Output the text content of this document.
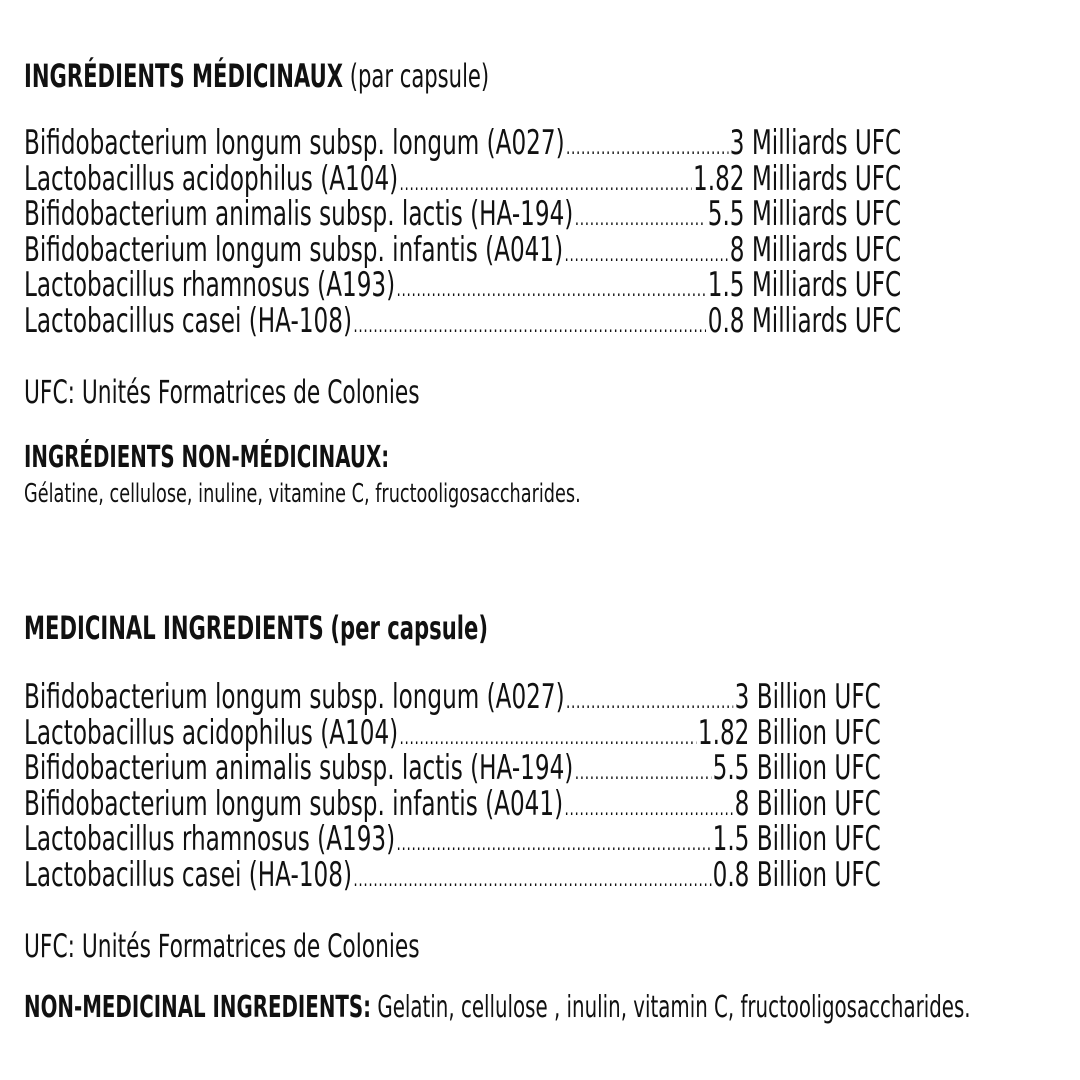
INGRÉDIENTS MÉDICINAUX (par capsule)
Bifidobacterium longum subsp. longum (A027) .....	3 Milliards UFC
Lactobacillus acidophilus (A104) .....	1.82 Milliards UFC
Bifidobacterium animalis subsp. lactis (HA-194) .....	5.5 Milliards UFC
Bifidobacterium longum subsp. infantis (A041) .....	8 Milliards UFC
Lactobacillus rhamnosus (A193) .....	1.5 Milliards UFC
Lactobacillus casei (HA-108) .....	0.8 Milliards UFC
UFC: Unités Formatrices de Colonies
INGRÉDIENTS NON-MÉDICINAUX:
Gélatine, cellulose, inuline, vitamine C, fructooligosaccharides.
MEDICINAL INGREDIENTS (per capsule)
Bifidobacterium longum subsp. longum (A027) .....	3 Billion UFC
Lactobacillus acidophilus (A104) .....	1.82 Billion UFC
Bifidobacterium animalis subsp. lactis (HA-194) .....	5.5 Billion UFC
Bifidobacterium longum subsp. infantis (A041) .....	8 Billion UFC
Lactobacillus rhamnosus (A193) .....	1.5 Billion UFC
Lactobacillus casei (HA-108) .....	0.8 Billion UFC
UFC: Unités Formatrices de Colonies
NON-MEDICINAL INGREDIENTS: Gelatin, cellulose , inulin, vitamin C, fructooligosaccharides.
